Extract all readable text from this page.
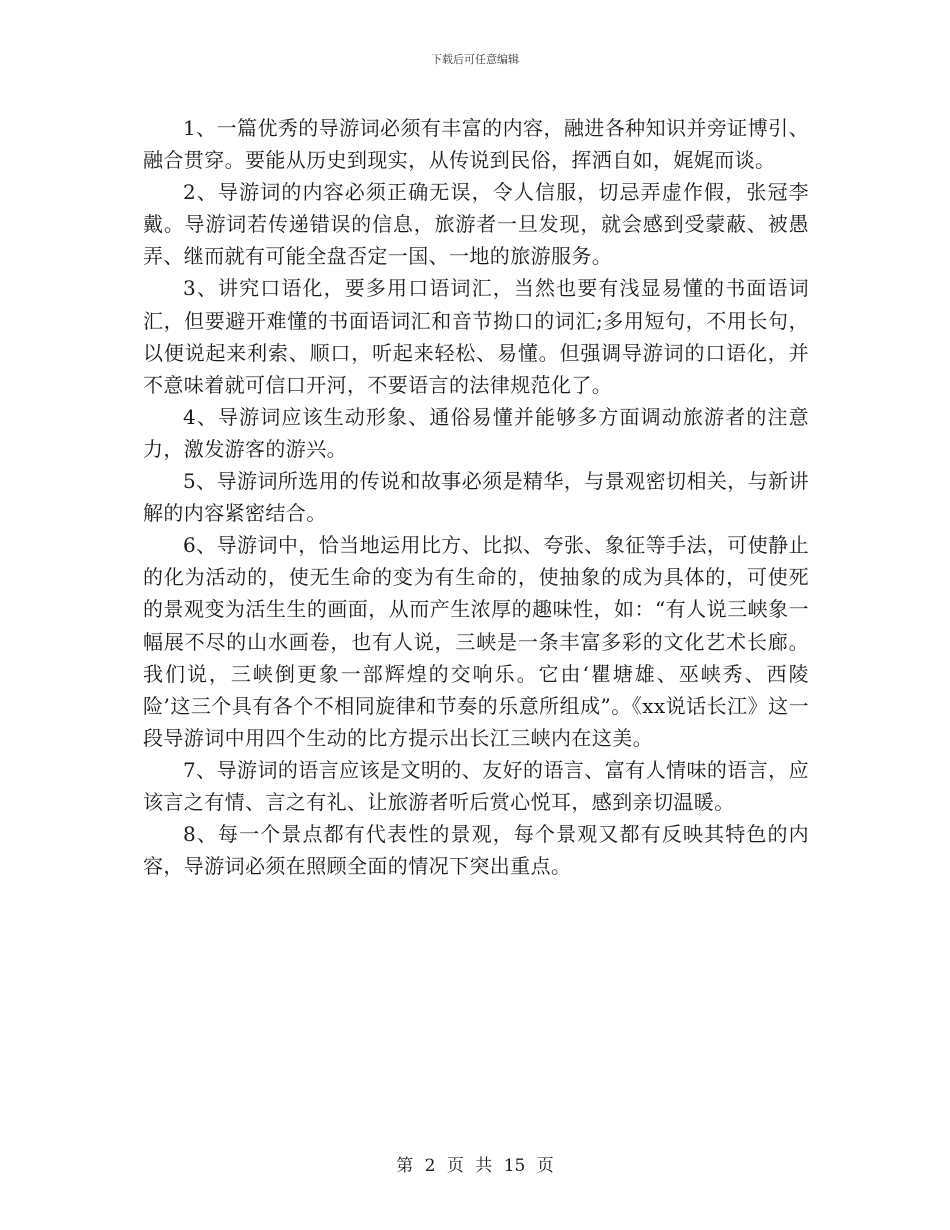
下载后可任意编辑

1、一篇优秀的导游词必须有丰富的内容，融进各种知识并旁证博引、融合贯穿。要能从历史到现实，从传说到民俗，挥洒自如，娓娓而谈。

2、导游词的内容必须正确无误，令人信服，切忌弄虚作假，张冠李戴。导游词若传递错误的信息，旅游者一旦发现，就会感到受蒙蔽、被愚弄、继而就有可能全盘否定一国、一地的旅游服务。

3、讲究口语化，要多用口语词汇，当然也要有浅显易懂的书面语词汇，但要避开难懂的书面语词汇和音节拗口的词汇;多用短句，不用长句，以便说起来利索、顺口，听起来轻松、易懂。但强调导游词的口语化，并不意味着就可信口开河，不要语言的法律规范化了。

4、导游词应该生动形象、通俗易懂并能够多方面调动旅游者的注意力，激发游客的游兴。

5、导游词所选用的传说和故事必须是精华，与景观密切相关，与新讲解的内容紧密结合。

6、导游词中，恰当地运用比方、比拟、夸张、象征等手法，可使静止的化为活动的，使无生命的变为有生命的，使抽象的成为具体的，可使死的景观变为活生生的画面，从而产生浓厚的趣味性，如：“有人说三峡象一幅展不尽的山水画卷，也有人说，三峡是一条丰富多彩的文化艺术长廊。我们说，三峡倒更象一部辉煌的交响乐。它由‘瞿塘雄、巫峡秀、西陵险’这三个具有各个不相同旋律和节奏的乐意所组成”。《xx说话长江》这一段导游词中用四个生动的比方提示出长江三峡内在这美。

7、导游词的语言应该是文明的、友好的语言、富有人情味的语言，应该言之有情、言之有礼、让旅游者听后赏心悦耳，感到亲切温暖。

8、每一个景点都有代表性的景观，每个景观又都有反映其特色的内容，导游词必须在照顾全面的情况下突出重点。

第 2 页 共 15 页
